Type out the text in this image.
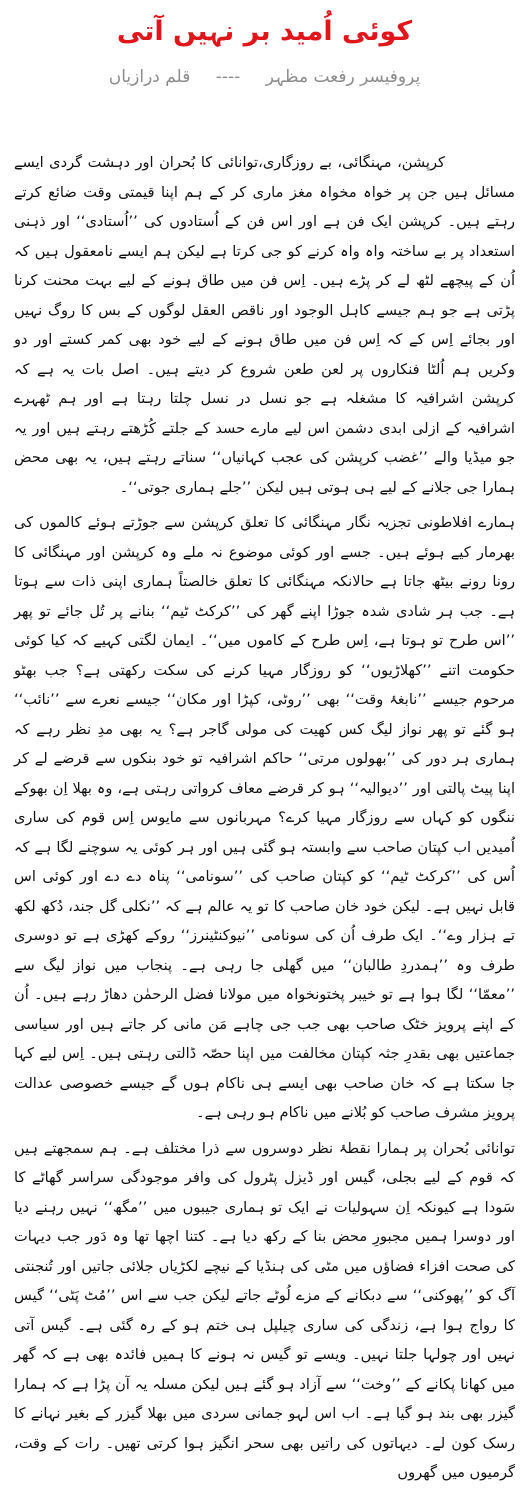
کوئی اُمید بر نہیں آتی
پروفیسر رفعت مظہر ---- قلم درازیاں

کرپشن، مہنگائی، بے روزگاری،توانائی کا بُحران اور دہشت گردی ایسے مسائل ہیں جن پر خواہ مخواہ مغز ماری کر کے ہم اپنا قیمتی وقت ضائع کرتے رہتے ہیں۔ کرپشن ایک فن ہے اور اس فن کے اُستادوں کی ’’اُستادی‘‘ اور ذہنی استعداد پر بے ساختہ واہ واہ کرنے کو جی کرتا ہے لیکن ہم ایسے نامعقول ہیں کہ اُن کے پیچھے لٹھ لے کر پڑے ہیں۔ اِس فن میں طاق ہونے کے لیے بہت محنت کرنا پڑتی ہے جو ہم جیسے کاہل الوجود اور ناقص العقل لوگوں کے بس کا روگ نہیں اور بجائے اِس کے کہ اِس فن میں طاق ہونے کے لیے خود بھی کمر کستے اور دو وکریں ہم اُلٹا فنکاروں پر لعن طعن شروع کر دیتے ہیں۔ اصل بات یہ ہے کہ کرپشن اشرافیہ کا مشغلہ ہے جو نسل در نسل چلتا رہتا ہے اور ہم ٹھہرے اشرافیہ کے ازلی ابدی دشمن اس لیے مارے حسد کے جلتے کُڑھتے رہتے ہیں اور یہ جو میڈیا والے ’’غضب کرپشن کی عجب کہانیاں‘‘ سناتے رہتے ہیں، یہ بھی محض ہمارا جی جلانے کے لیے ہی ہوتی ہیں لیکن ’’جلے ہماری جوتی‘‘۔

ہمارے افلاطونی تجزیہ نگار مہنگائی کا تعلق کرپشن سے جوڑتے ہوئے کالموں کی بھرمار کیے ہوئے ہیں۔ جسے اور کوئی موضوع نہ ملے وہ کرپشن اور مہنگائی کا رونا رونے بیٹھ جاتا ہے حالانکہ مہنگائی کا تعلق خالصتاً ہماری اپنی ذات سے ہوتا ہے۔ جب ہر شادی شدہ جوڑا اپنے گھر کی ’’کرکٹ ٹیم‘‘ بنانے پر تُل جائے تو پھر ’’اس طرح تو ہوتا ہے، اِس طرح کے کاموں میں‘‘۔ ایمان لگتی کہیے کہ کیا کوئی حکومت اتنے ’’کھلاڑیوں‘‘ کو روزگار مہیا کرنے کی سکت رکھتی ہے؟ جب بھٹو مرحوم جیسے ’’نابغۂ وقت‘‘ بھی ’’روٹی، کپڑا اور مکان‘‘ جیسے نعرے سے ’’نائب‘‘ ہو گئے تو پھر نواز لیگ کس کھیت کی مولی گاجر ہے؟ یہ بھی مدِ نظر رہے کہ ہماری ہر دور کی ’’بھولوں مرتی‘‘ حاکم اشرافیہ تو خود بنکوں سے قرضے لے کر اپنا پیٹ پالتی اور ’’دیوالیہ‘‘ ہو کر قرضے معاف کرواتی رہتی ہے، وہ بھلا اِن بھوکے ننگوں کو کہاں سے روزگار مہیا کرے؟ مہربانوں سے مایوس اِس قوم کی ساری اُمیدیں اب کپتان صاحب سے وابستہ ہو گئی ہیں اور ہر کوئی یہ سوچنے لگا ہے کہ اُس کی ’’کرکٹ ٹیم‘‘ کو کپتان صاحب کی ’’سونامی‘‘ پناہ دے دے اور کوئی اس قابل نہیں ہے۔ لیکن خود خان صاحب کا تو یہ عالم ہے کہ ’’نکلی گل جند، دُکھ لکھ تے ہزار وے‘‘۔ ایک طرف اُن کی سونامی ’’نیوکنٹینرز‘‘ روکے کھڑی ہے تو دوسری طرف وہ ’’ہمدردِ طالبان‘‘ میں گھلی جا رہی ہے۔ پنجاب میں نواز لیگ سے ’’معمّا‘‘ لگا ہوا ہے تو خیبر پختونخواہ میں مولانا فضل الرحمٰن دھاڑ رہے ہیں۔ اُن کے اپنے پرویز خٹک صاحب بھی جب جی چاہے مَن مانی کر جاتے ہیں اور سیاسی جماعتیں بھی بقدرِ جثہ کپتان مخالفت میں اپنا حصّہ ڈالتی رہتی ہیں۔ اِس لیے کہا جا سکتا ہے کہ خان صاحب بھی ایسے ہی ناکام ہوں گے جیسے خصوصی عدالت پرویز مشرف صاحب کو بُلانے میں ناکام ہو رہی ہے۔

توانائی بُحران پر ہمارا نقطۂ نظر دوسروں سے ذرا مختلف ہے۔ ہم سمجھتے ہیں کہ قوم کے لیے بجلی، گیس اور ڈیزل پٹرول کی وافر موجودگی سراسر گھاٹے کا سَودا ہے کیونکہ اِن سہولیات نے ایک تو ہماری جیبوں میں ’’مگھ‘‘ نہیں رہنے دیا اور دوسرا ہمیں مجبورِ محض بنا کے رکھ دیا ہے۔ کتنا اچھا تھا وہ دَور جب دیہات کی صحت افزاء فضاؤں میں مٹی کی ہنڈیا کے نیچے لکڑیاں جلائی جاتیں اور تُنجنتی آگ کو ’’پھوکنی‘‘ سے دبکانے کے مزے لُوٹے جاتے لیکن جب سے اس ’’مُٹ پَٹی‘‘ گیس کا رواج ہوا ہے، زندگی کی ساری چیلپل ہی ختم ہو کے رہ گئی ہے۔ گیس آتی نہیں اور چولہا جلتا نہیں۔ ویسے تو گیس نہ ہونے کا ہمیں فائدہ بھی ہے کہ گھر میں کھانا پکانے کے ’’وخت‘‘ سے آزاد ہو گئے ہیں لیکن مسلہ یہ آن پڑا ہے کہ ہمارا گیزر بھی بند ہو گیا ہے۔ اب اس لہو جمانی سردی میں بھلا گیزر کے بغیر نہانے کا رسک کون لے۔ دیہاتوں کی راتیں بھی سحر انگیز ہوا کرتی تھیں۔ رات کے وقت، گرمیوں میں گھروں
